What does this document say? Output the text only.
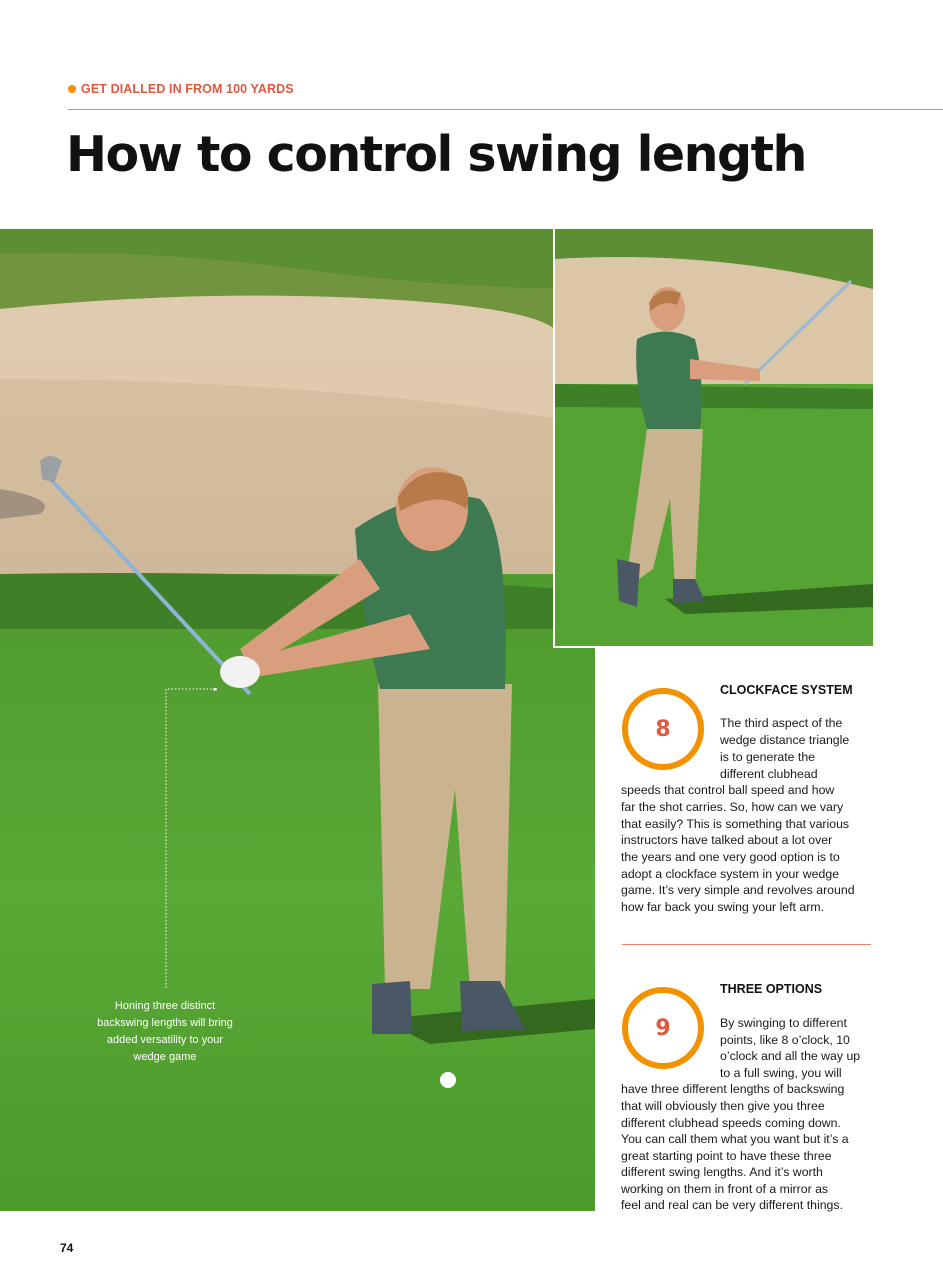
GET DIALLED IN FROM 100 YARDS
How to control swing length

Honing three distinct backswing lengths will bring added versatility to your wedge game

8
CLOCKFACE SYSTEM

The third aspect of the

wedge distance triangle

is to generate the

different clubhead

speeds that control ball speed and how

far the shot carries. So, how can we vary

that easily? This is something that various

instructors have talked about a lot over

the years and one very good option is to

adopt a clockface system in your wedge

game. It’s very simple and revolves around

how far back you swing your left arm.

9
THREE OPTIONS

By swinging to different

points, like 8 o’clock, 10

o’clock and all the way up

to a full swing, you will

have three different lengths of backswing

that will obviously then give you three

different clubhead speeds coming down.

You can call them what you want but it’s a

great starting point to have these three

different swing lengths. And it’s worth

working on them in front of a mirror as

feel and real can be very different things.

74
